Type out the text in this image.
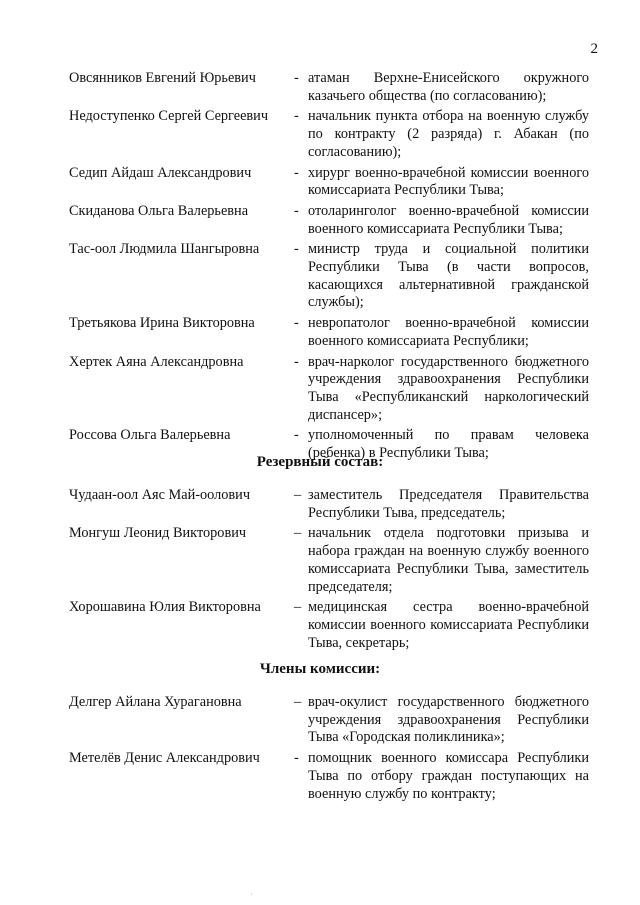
2
Овсянников Евгений Юрьевич	- атаман Верхне-Енисейского окружного казачьего общества (по согласованию);
Недоступенко Сергей Сергеевич	- начальник пункта отбора на военную службу по контракту (2 разряда) г. Абакан (по согласованию);
Седип Айдаш Александрович	- хирург военно-врачебной комиссии военного комиссариата Республики Тыва;
Скиданова Ольга Валерьевна	- отоларинголог военно-врачебной комиссии военного комиссариата Республики Тыва;
Тас-оол Людмила Шангыровна	- министр труда и социальной политики Республики Тыва (в части вопросов, касающихся альтернативной гражданской службы);
Третьякова Ирина Викторовна	- невропатолог военно-врачебной комиссии военного комиссариата Республики;
Хертек Аяна Александровна	- врач-нарколог государственного бюджетного учреждения здравоохранения Республики Тыва «Республиканский наркологический диспансер»;
Россова Ольга Валерьевна	- уполномоченный по правам человека (ребенка) в Республики Тыва;
Резервный состав:
Чудаан-оол Аяс Май-оолович	– заместитель Председателя Правительства Республики Тыва, председатель;
Монгуш Леонид Викторович	– начальник отдела подготовки призыва и набора граждан на военную службу военного комиссариата Республики Тыва, заместитель председателя;
Хорошавина Юлия Викторовна	– медицинская сестра военно-врачебной комиссии военного комиссариата Республики Тыва, секретарь;
Члены комиссии:
Делгер Айлана Хурагановна	– врач-окулист государственного бюджетного учреждения здравоохранения Республики Тыва «Городская поликлиника»;
Метелёв Денис Александрович	- помощник военного комиссара Республики Тыва по отбору граждан поступающих на военную службу по контракту;
·
